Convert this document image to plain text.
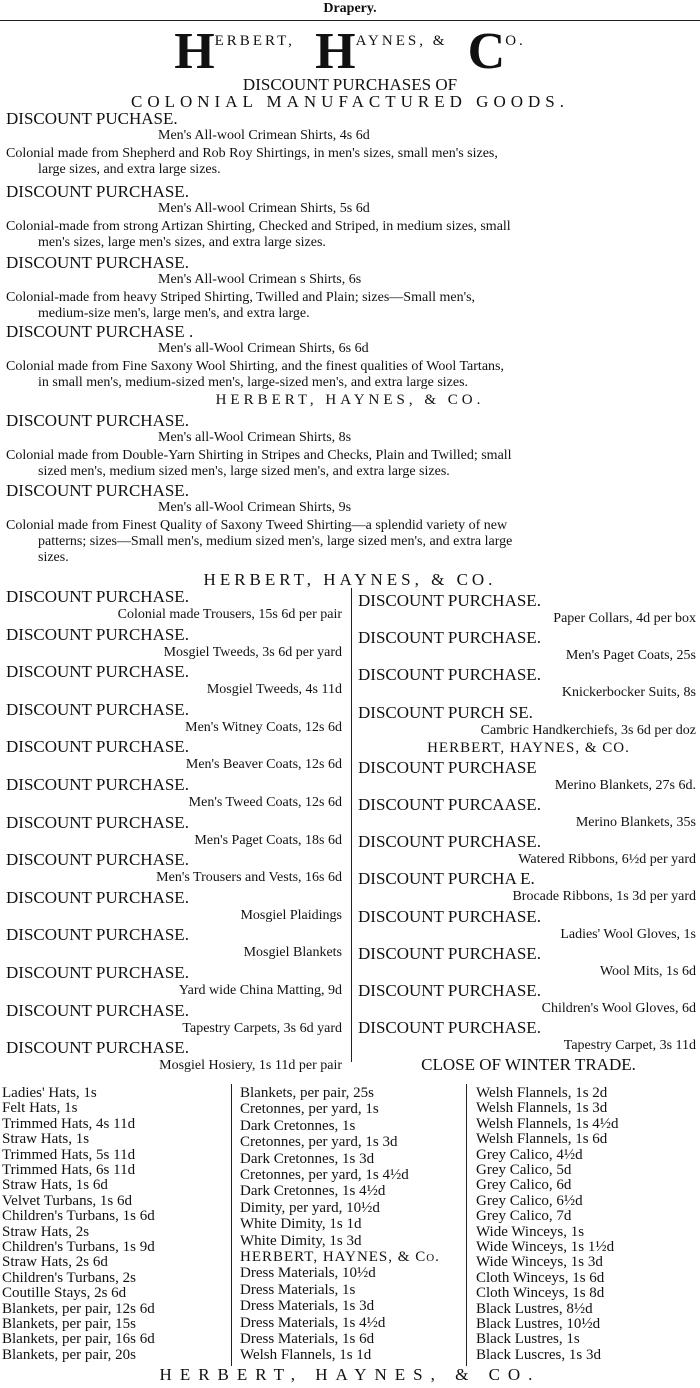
Drapery.
HERBERT, HAYNES, & CO.
DISCOUNT PURCHASES OF
COLONIAL MANUFACTURED GOODS.
DISCOUNT PUCHASE.
Men's All-wool Crimean Shirts, 4s 6d
Colonial made from Shepherd and Rob Roy Shirtings, in men's sizes, small men's sizes,
large sizes, and extra large sizes.
DISCOUNT PURCHASE.
Men's All-wool Crimean Shirts, 5s 6d
Colonial-made from strong Artizan Shirting, Checked and Striped, in medium sizes, small
men's sizes, large men's sizes, and extra large sizes.
DISCOUNT PURCHASE.
Men's All-wool Crimean s Shirts, 6s
Colonial-made from heavy Striped Shirting, Twilled and Plain; sizes—Small men's,
medium-size men's, large men's, and extra large.
DISCOUNT PURCHASE .
Men's all-Wool Crimean Shirts, 6s 6d
Colonial made from Fine Saxony Wool Shirting, and the finest qualities of Wool Tartans,
in small men's, medium-sized men's, large-sized men's, and extra large sizes.
HERBERT, HAYNES, & CO.
DISCOUNT PURCHASE.
Men's all-Wool Crimean Shirts, 8s
Colonial made from Double-Yarn Shirting in Stripes and Checks, Plain and Twilled; small
sized men's, medium sized men's, large sized men's, and extra large sizes.
DISCOUNT PURCHASE.
Men's all-Wool Crimean Shirts, 9s
Colonial made from Finest Quality of Saxony Tweed Shirting—a splendid variety of new
patterns; sizes—Small men's, medium sized men's, large sized men's, and extra large
sizes.
HERBERT, HAYNES, & CO.
DISCOUNT PURCHASE.
Colonial made Trousers, 15s 6d per pair
DISCOUNT PURCHASE.
Mosgiel Tweeds, 3s 6d per yard
DISCOUNT PURCHASE.
Mosgiel Tweeds, 4s 11d
DISCOUNT PURCHASE.
Men's Witney Coats, 12s 6d
DISCOUNT PURCHASE.
Men's Beaver Coats, 12s 6d
DISCOUNT PURCHASE.
Men's Tweed Coats, 12s 6d
DISCOUNT PURCHASE.
Men's Paget Coats, 18s 6d
DISCOUNT PURCHASE.
Men's Trousers and Vests, 16s 6d
DISCOUNT PURCHASE.
Mosgiel Plaidings
DISCOUNT PURCHASE.
Mosgiel Blankets
DISCOUNT PURCHASE.
Yard wide China Matting, 9d
DISCOUNT PURCHASE.
Tapestry Carpets, 3s 6d yard
DISCOUNT PURCHASE.
Mosgiel Hosiery, 1s 11d per pair
DISCOUNT PURCHASE.
Paper Collars, 4d per box
DISCOUNT PURCHASE.
Men's Paget Coats, 25s
DISCOUNT PURCHASE.
Knickerbocker Suits, 8s
DISCOUNT PURCH SE.
Cambric Handkerchiefs, 3s 6d per doz
HERBERT, HAYNES, & CO.
DISCOUNT PURCHASE
Merino Blankets, 27s 6d.
DISCOUNT PURCAASE.
Merino Blankets, 35s
DISCOUNT PURCHASE.
Watered Ribbons, 6½d per yard
DISCOUNT PURCHA E.
Brocade Ribbons, 1s 3d per yard
DISCOUNT PURCHASE.
Ladies' Wool Gloves, 1s
DISCOUNT PURCHASE.
Wool Mits, 1s 6d
DISCOUNT PURCHASE.
Children's Wool Gloves, 6d
DISCOUNT PURCHASE.
Tapestry Carpet, 3s 11d
CLOSE OF WINTER TRADE.
Ladies' Hats, 1s
Felt Hats, 1s
Trimmed Hats, 4s 11d
Straw Hats, 1s
Trimmed Hats, 5s 11d
Trimmed Hats, 6s 11d
Straw Hats, 1s 6d
Velvet Turbans, 1s 6d
Children's Turbans, 1s 6d
Straw Hats, 2s
Children's Turbans, 1s 9d
Straw Hats, 2s 6d
Children's Turbans, 2s
Coutille Stays, 2s 6d
Blankets, per pair, 12s 6d
Blankets, per pair, 15s
Blankets, per pair, 16s 6d
Blankets, per pair, 20s
Blankets, per pair, 25s
Cretonnes, per yard, 1s
Dark Cretonnes, 1s
Cretonnes, per yard, 1s 3d
Dark Cretonnes, 1s 3d
Cretonnes, per yard, 1s 4½d
Dark Cretonnes, 1s 4½d
Dimity, per yard, 10½d
White Dimity, 1s 1d
White Dimity, 1s 3d
HERBERT, HAYNES, & Co.
Dress Materials, 10½d
Dress Materials, 1s
Dress Materials, 1s 3d
Dress Materials, 1s 4½d
Dress Materials, 1s 6d
Welsh Flannels, 1s 1d
Welsh Flannels, 1s 2d
Welsh Flannels, 1s 3d
Welsh Flannels, 1s 4½d
Welsh Flannels, 1s 6d
Grey Calico, 4½d
Grey Calico, 5d
Grey Calico, 6d
Grey Calico, 6½d
Grey Calico, 7d
Wide Winceys, 1s
Wide Winceys, 1s 1½d
Wide Winceys, 1s 3d
Cloth Winceys, 1s 6d
Cloth Winceys, 1s 8d
Black Lustres, 8½d
Black Lustres, 10½d
Black Lustres, 1s
Black Luscres, 1s 3d
HERBERT, HAYNES, & CO.
